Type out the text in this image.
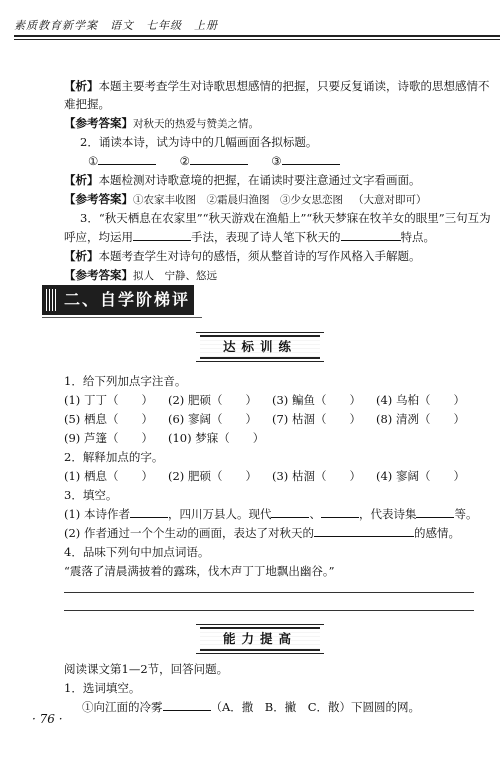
素质教育新学案　语文　七年级　上册
【析】本题主要考查学生对诗歌思想感情的把握，只要反复诵读，诗歌的思想感情不
难把握。
【参考答案】对秋天的热爱与赞美之情。
2．诵读本诗，试为诗中的几幅画面各拟标题。
①	②	③
【析】本题检测对诗歌意境的把握，在诵读时要注意通过文字看画面。
【参考答案】①农家丰收图　②霜晨归渔图　③少女思恋图 （大意对即可）
3．“秋天栖息在农家里”“秋天游戏在渔船上”“秋天梦寐在牧羊女的眼里”三句互为
呼应，均运用	手法，表现了诗人笔下秋天的	特点。
【析】本题考查学生对诗句的感悟，须从整首诗的写作风格入手解题。
【参考答案】拟人　宁静、悠远
二、自学阶梯评估
达标训练
1．给下列加点字注音。
(1) 丁丁（　　） (2) 肥硕（　　） (3) 鳊鱼（　　） (4) 乌桕（　　）
(5) 栖息（　　） (6) 寥阔（　　） (7) 枯涸（　　） (8) 清冽（　　）
(9) 芦篷（　　） (10) 梦寐（　　）
2．解释加点的字。
(1) 栖息（　　） (2) 肥硕（　　） (3) 枯涸（　　） (4) 寥阔（　　）
3．填空。
(1) 本诗作者	，四川万县人。现代	、	，代表诗集	等。
(2) 作者通过一个个生动的画面，表达了对秋天的	的感情。
4．品味下列句中加点词语。
“震落了清晨满披着的露珠，伐木声丁丁地飘出幽谷。”
能力提高
阅读课文第1—2节，回答问题。
1．选词填空。
①向江面的冷雾	（A．撒　B．撇　C．散）下圆圆的网。
· 76 ·
